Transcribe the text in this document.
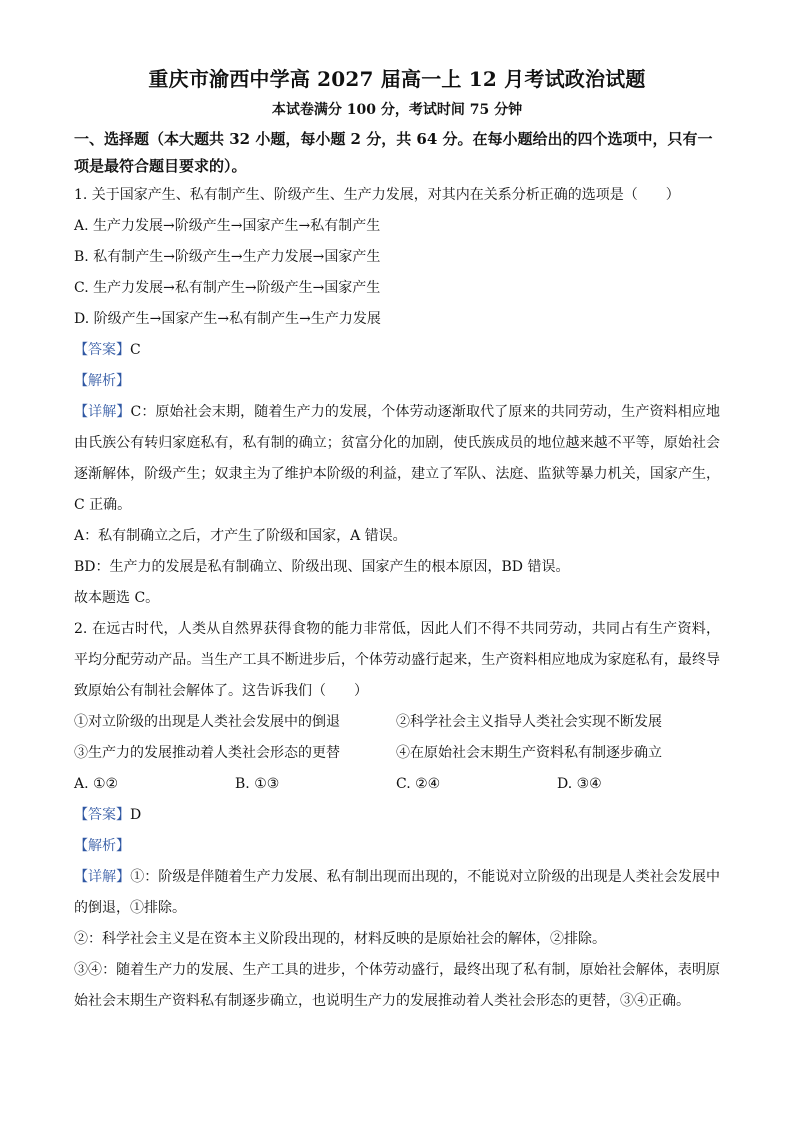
重庆市渝西中学高 2027 届高一上 12 月考试政治试题
本试卷满分 100 分，考试时间 75 分钟
一、选择题（本大题共 32 小题，每小题 2 分，共 64 分。在每小题给出的四个选项中，只有一项是最符合题目要求的）。

1. 关于国家产生、私有制产生、阶级产生、生产力发展，对其内在关系分析正确的选项是（　　）

A. 生产力发展→阶级产生→国家产生→私有制产生

B. 私有制产生→阶级产生→生产力发展→国家产生

C. 生产力发展→私有制产生→阶级产生→国家产生

D. 阶级产生→国家产生→私有制产生→生产力发展

【答案】C

【解析】

【详解】C：原始社会末期，随着生产力的发展，个体劳动逐渐取代了原来的共同劳动，生产资料相应地由氏族公有转归家庭私有，私有制的确立；贫富分化的加剧，使氏族成员的地位越来越不平等，原始社会逐渐解体，阶级产生；奴隶主为了维护本阶级的利益，建立了军队、法庭、监狱等暴力机关，国家产生，C 正确。

A：私有制确立之后，才产生了阶级和国家，A 错误。

BD：生产力的发展是私有制确立、阶级出现、国家产生的根本原因，BD 错误。

故本题选 C。

2. 在远古时代，人类从自然界获得食物的能力非常低，因此人们不得不共同劳动，共同占有生产资料，平均分配劳动产品。当生产工具不断进步后，个体劳动盛行起来，生产资料相应地成为家庭私有，最终导致原始公有制社会解体了。这告诉我们（　　）

①对立阶级的出现是人类社会发展中的倒退	②科学社会主义指导人类社会实现不断发展
③生产力的发展推动着人类社会形态的更替	④在原始社会末期生产资料私有制逐步确立
A. ①②	B. ①③	C. ②④	D. ③④

【答案】D

【解析】

【详解】①：阶级是伴随着生产力发展、私有制出现而出现的，不能说对立阶级的出现是人类社会发展中的倒退，①排除。

②：科学社会主义是在资本主义阶段出现的，材料反映的是原始社会的解体，②排除。

③④：随着生产力的发展、生产工具的进步，个体劳动盛行，最终出现了私有制，原始社会解体，表明原始社会末期生产资料私有制逐步确立，也说明生产力的发展推动着人类社会形态的更替，③④正确。
